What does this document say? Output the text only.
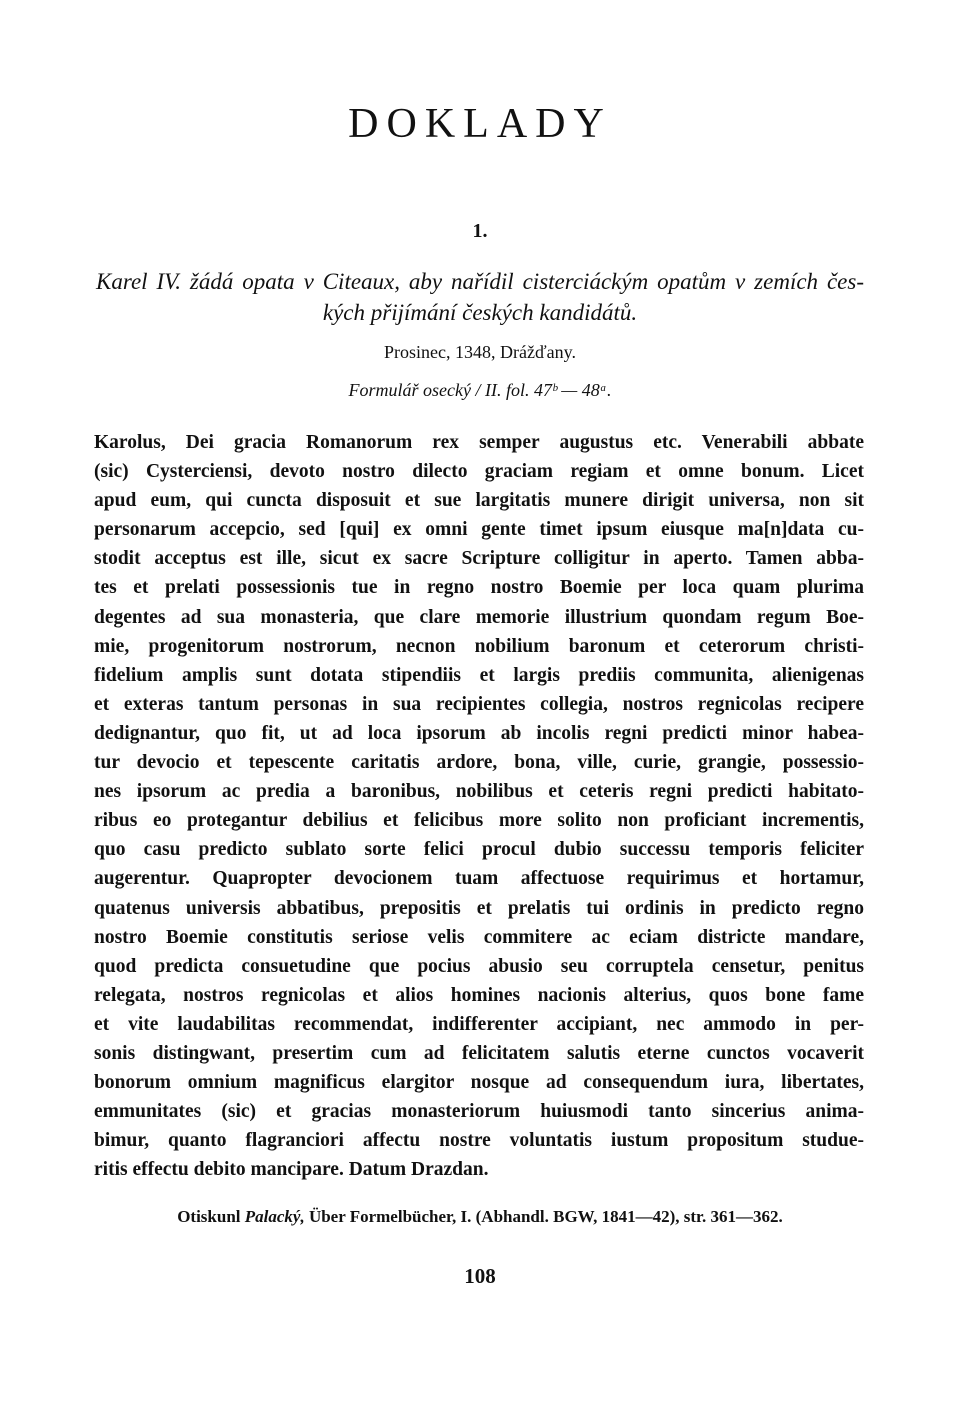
DOKLADY
1.
Karel IV. žádá opata v Citeaux, aby nařídil cisterciáckým opatům v zemích čes-
kých přijímání českých kandidátů.
Prosinec, 1348, Drážďany.
Formulář osecký / II. fol. 47ᵇ — 48ᵃ.
Karolus, Dei gracia Romanorum rex semper augustus etc. Venerabili abbate
(sic) Cysterciensi, devoto nostro dilecto graciam regiam et omne bonum. Licet
apud eum, qui cuncta disposuit et sue largitatis munere dirigit universa, non sit
personarum accepcio, sed [qui] ex omni gente timet ipsum eiusque ma[n]data cu-
stodit acceptus est ille, sicut ex sacre Scripture colligitur in aperto. Tamen abba-
tes et prelati possessionis tue in regno nostro Boemie per loca quam plurima
degentes ad sua monasteria, que clare memorie illustrium quondam regum Boe-
mie, progenitorum nostrorum, necnon nobilium baronum et ceterorum christi-
fidelium amplis sunt dotata stipendiis et largis prediis communita, alienigenas
et exteras tantum personas in sua recipientes collegia, nostros regnicolas recipere
dedignantur, quo fit, ut ad loca ipsorum ab incolis regni predicti minor habea-
tur devocio et tepescente caritatis ardore, bona, ville, curie, grangie, possessio-
nes ipsorum ac predia a baronibus, nobilibus et ceteris regni predicti habitato-
ribus eo protegantur debilius et felicibus more solito non proficiant incrementis,
quo casu predicto sublato sorte felici procul dubio successu temporis feliciter
augerentur. Quapropter devocionem tuam affectuose requirimus et hortamur,
quatenus universis abbatibus, prepositis et prelatis tui ordinis in predicto regno
nostro Boemie constitutis seriose velis commitere ac eciam districte mandare,
quod predicta consuetudine que pocius abusio seu corruptela censetur, penitus
relegata, nostros regnicolas et alios homines nacionis alterius, quos bone fame
et vite laudabilitas recommendat, indifferenter accipiant, nec ammodo in per-
sonis distingwant, presertim cum ad felicitatem salutis eterne cunctos vocaverit
bonorum omnium magnificus elargitor nosque ad consequendum iura, libertates,
emmunitates (sic) et gracias monasteriorum huiusmodi tanto sincerius anima-
bimur, quanto flagranciori affectu nostre voluntatis iustum propositum studue-
ritis effectu debito mancipare. Datum Drazdan.
Otiskunl Palacký, Über Formelbücher, I. (Abhandl. BGW, 1841—42), str. 361—362.
108
